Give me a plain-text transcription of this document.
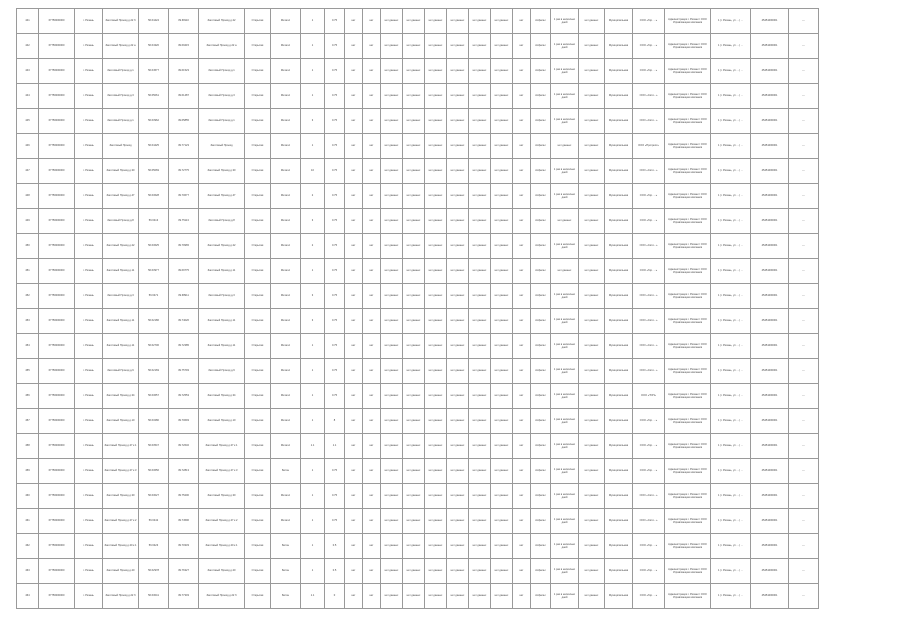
441	67756000000	г. Рязань	Заготовый Проезд д.22 б	56.64424	39.68110	Заготовый Проезд д.22	Открытая	Металл	1	0.75	нет	нет	нет данных	нет данных	нет данных	нет данных	нет данных	нет данных	нет	Асфальт	1 раз в несколько дней	нет данных	Муниципальная	ООО «Гор. ...»	Администрация г. Рязани / ООО Управляющая компания	1 (г. Рязань, ул. ...) ...	45451000001	---
442	67756000000	г. Рязань	Заготовый Проезд д.22 а	56.64320	39.69415	Заготовый Проезд д.22 а	Открытая	Металл	1	0.75	нет	нет	нет данных	нет данных	нет данных	нет данных	нет данных	нет данных	нет	Асфальт	1 раз в несколько дней	нет данных	Муниципальная	ООО «Гор. ...»	Администрация г. Рязани / ООО Управляющая компания	1 (г. Рязань, ул. ...) ...	45451000001	---
443	67756000000	г. Рязань	Заготовый Проезд д.1	56.64577	39.61523	Заготовый Проезд д.1	Открытая	Металл	1	0.75	нет	нет	нет данных	нет данных	нет данных	нет данных	нет данных	нет данных	нет	Асфальт	1 раз в несколько дней	нет данных	Муниципальная	ООО «Гор. ...»	Администрация г. Рязани / ООО Управляющая компания	1 (г. Рязань, ул. ...) ...	45451000001	---
444	67756000000	г. Рязань	Заготовый Проезд д.3	56.65061	39.61487	Заготовый Проезд д.3	Открытая	Металл	1	0.75	нет	нет	нет данных	нет данных	нет данных	нет данных	нет данных	нет данных	нет	Асфальт	1 раз в несколько дней	нет данных	Муниципальная	ООО «Сити...»	Администрация г. Рязани / ООО Управляющая компания	1 (г. Рязань, ул. ...) ...	45451000001	---
445	67756000000	г. Рязань	Заготовый Проезд д.1	56.63962	39.65855	Заготовый Проезд д.1	Открытая	Металл	3	0.75	нет	нет	нет данных	нет данных	нет данных	нет данных	нет данных	нет данных	нет	Асфальт	1 раз в несколько дней	нет данных	Муниципальная	ООО «Сити...»	Администрация г. Рязани / ООО Управляющая компания	1 (г. Рязань, ул. ...) ...	45451000001	---
446	67756000000	г. Рязань	Заготовый Проезд	56.64425	39.77123	Заготовый Проезд	Открытая	Металл	1	0.75	нет	нет	нет данных	нет данных	нет данных	нет данных	нет данных	нет данных	нет	Асфальт	нет данных	нет данных	Муниципальная	ООО «Прогресс»	Администрация г. Рязани / ООО Управляющая компания	1 (г. Рязань, ул. ...) ...	45451000001	---
447	67756000000	г. Рязань	Заготовый Проезд д.30	56.65069	39.72775	Заготовый Проезд д.30	Открытая	Металл	10	0.75	нет	нет	нет данных	нет данных	нет данных	нет данных	нет данных	нет данных	нет	Асфальт	1 раз в несколько дней	нет данных	Муниципальная	ООО «Сити...»	Администрация г. Рязани / ООО Управляющая компания	1 (г. Рязань, ул. ...) ...	45451000001	---
448	67756000000	г. Рязань	Заготовый Проезд д.47	56.63628	39.70677	Заготовый Проезд д.47	Открытая	Металл	2	0.75	нет	нет	нет данных	нет данных	нет данных	нет данных	нет данных	нет данных	нет	Асфальт	1 раз в несколько дней	нет данных	Муниципальная	ООО «Гор. ...»	Администрация г. Рязани / ООО Управляющая компания	1 (г. Рязань, ул. ...) ...	45451000001	---
449	67756000000	г. Рязань	Заготовый Проезд д.8	56.6413	39.75113	Заготовый Проезд д.8	Открытая	Металл	3	0.75	нет	нет	нет данных	нет данных	нет данных	нет данных	нет данных	нет данных	нет	Асфальт	нет данных	нет данных	Муниципальная	ООО «Гор. ...»	Администрация г. Рязани / ООО Управляющая компания	1 (г. Рязань, ул. ...) ...	45451000001	---
450	67756000000	г. Рязань	Заготовый Проезд д.22	56.63625	39.79965	Заготовый Проезд д.22	Открытая	Металл	2	0.75	нет	нет	нет данных	нет данных	нет данных	нет данных	нет данных	нет данных	нет	Асфальт	1 раз в несколько дней	нет данных	Муниципальная	ООО «Сити...»	Администрация г. Рязани / ООО Управляющая компания	1 (г. Рязань, ул. ...) ...	45451000001	---
451	67756000000	г. Рязань	Заготовый Проезд д.11	56.63977	39.69775	Заготовый Проезд д.11	Открытая	Металл	1	0.75	нет	нет	нет данных	нет данных	нет данных	нет данных	нет данных	нет данных	нет	Асфальт	нет данных	нет данных	Муниципальная	ООО «Гор. ...»	Администрация г. Рязани / ООО Управляющая компания	1 (г. Рязань, ул. ...) ...	45451000001	---
452	67756000000	г. Рязань	Заготовый Проезд д.3	56.6471	39.68911	Заготовый Проезд д.3	Открытая	Металл	3	0.75	нет	нет	нет данных	нет данных	нет данных	нет данных	нет данных	нет данных	нет	Асфальт	1 раз в несколько дней	нет данных	Муниципальная	ООО «Сити...»	Администрация г. Рязани / ООО Управляющая компания	1 (г. Рязань, ул. ...) ...	45451000001	---
453	67756000000	г. Рязань	Заготовый Проезд д.11	56.62186	39.74026	Заготовый Проезд д.11	Открытая	Металл	3	0.75	нет	нет	нет данных	нет данных	нет данных	нет данных	нет данных	нет данных	нет	Асфальт	1 раз в несколько дней	нет данных	Муниципальная	ООО «Сити...»	Администрация г. Рязани / ООО Управляющая компания	1 (г. Рязань, ул. ...) ...	45451000001	---
454	67756000000	г. Рязань	Заготовый Проезд д.11	56.62706	39.72385	Заготовый Проезд д.11	Открытая	Металл	1	0.75	нет	нет	нет данных	нет данных	нет данных	нет данных	нет данных	нет данных	нет	Асфальт	1 раз в несколько дней	нет данных	Муниципальная	ООО «Сити...»	Администрация г. Рязани / ООО Управляющая компания	1 (г. Рязань, ул. ...) ...	45451000001	---
455	67756000000	г. Рязань	Заготовый Проезд д.9	56.62169	39.75793	Заготовый Проезд д.9	Открытая	Металл	1	0.75	нет	нет	нет данных	нет данных	нет данных	нет данных	нет данных	нет данных	нет	Асфальт	1 раз в несколько дней	нет данных	Муниципальная	ООО «Сити...»	Администрация г. Рязани / ООО Управляющая компания	1 (г. Рязань, ул. ...) ...	45451000001	---
456	67756000000	г. Рязань	Заготовый Проезд д.34	56.63657	39.72553	Заготовый Проезд д.34	Открытая	Металл	1	0.75	нет	нет	нет данных	нет данных	нет данных	нет данных	нет данных	нет данных	нет	Асфальт	1 раз в несколько дней	нет данных	Муниципальная	ООО «ТОП»	Администрация г. Рязани / ООО Управляющая компания	1 (г. Рязань, ул. ...) ...	45451000001	---
457	67756000000	г. Рязань	Заготовый Проезд д.10	56.63280	39.70693	Заготовый Проезд д.10	Открытая	Металл	1	8	нет	нет	нет данных	нет данных	нет данных	нет данных	нет данных	нет данных	нет	Асфальт	1 раз в несколько дней	нет данных	Муниципальная	ООО «Гор. ...»	Администрация г. Рязани / ООО Управляющая компания	1 (г. Рязань, ул. ...) ...	45451000001	---
458	67756000000	г. Рязань	Заготовый Проезд д.27 к.1	56.63547	39.72632	Заготовый Проезд д.27 к.1	Открытая	Металл	1.1	1.1	нет	нет	нет данных	нет данных	нет данных	нет данных	нет данных	нет данных	нет	Асфальт	1 раз в несколько дней	нет данных	Муниципальная	ООО «Гор. ...»	Администрация г. Рязани / ООО Управляющая компания	1 (г. Рязань, ул. ...) ...	45451000001	---
459	67756000000	г. Рязань	Заготовый Проезд д.27 к.3	56.63656	39.72813	Заготовый Проезд д.27 к.3	Открытая	Бетон	1	0.75	нет	нет	нет данных	нет данных	нет данных	нет данных	нет данных	нет данных	нет	Асфальт	1 раз в несколько дней	нет данных	Муниципальная	ООО «Гор. ...»	Администрация г. Рязани / ООО Управляющая компания	1 (г. Рязань, ул. ...) ...	45451000001	---
460	67756000000	г. Рязань	Заготовый Проезд д.30	56.63027	39.75200	Заготовый Проезд д.30	Открытая	Металл	1	0.75	нет	нет	нет данных	нет данных	нет данных	нет данных	нет данных	нет данных	нет	Асфальт	1 раз в несколько дней	нет данных	Муниципальная	ООО «Сити...»	Администрация г. Рязани / ООО Управляющая компания	1 (г. Рязань, ул. ...) ...	45451000001	---
461	67756000000	г. Рязань	Заготовый Проезд д.27 к.2	56.6442	39.74596	Заготовый Проезд д.27 к.2	Открытая	Металл	1	0.75	нет	нет	нет данных	нет данных	нет данных	нет данных	нет данных	нет данных	нет	Асфальт	1 раз в несколько дней	нет данных	Муниципальная	ООО «Сити...»	Администрация г. Рязани / ООО Управляющая компания	1 (г. Рязань, ул. ...) ...	45451000001	---
462	67756000000	г. Рязань	Заготовый Проезд д.20 к.1	56.6423	39.70333	Заготовый Проезд д.20 к.1	Открытая	Бетон	1	0.5	нет	нет	нет данных	нет данных	нет данных	нет данных	нет данных	нет данных	нет	Асфальт	1 раз в несколько дней	нет данных	Муниципальная	ООО «Гор. ...»	Администрация г. Рязани / ООО Управляющая компания	1 (г. Рязань, ул. ...) ...	45451000001	---
463	67756000000	г. Рязань	Заготовый Проезд д.20	56.62978	39.76327	Заготовый Проезд д.20	Открытая	Бетон	1	0.5	нет	нет	нет данных	нет данных	нет данных	нет данных	нет данных	нет данных	нет	Асфальт	1 раз в несколько дней	нет данных	Муниципальная	ООО «Гор. ...»	Администрация г. Рязани / ООО Управляющая компания	1 (г. Рязань, ул. ...) ...	45451000001	---
464	67756000000	г. Рязань	Заготовый Проезд д.22 б	56.63041	39.77303	Заготовый Проезд д.22 б	Открытая	Бетон	1.1	0	нет	нет	нет данных	нет данных	нет данных	нет данных	нет данных	нет данных	нет	Асфальт	1 раз в несколько дней	нет данных	Муниципальная	ООО «Гор. ...»	Администрация г. Рязани / ООО Управляющая компания	1 (г. Рязань, ул. ...) ...	45451000001	---
